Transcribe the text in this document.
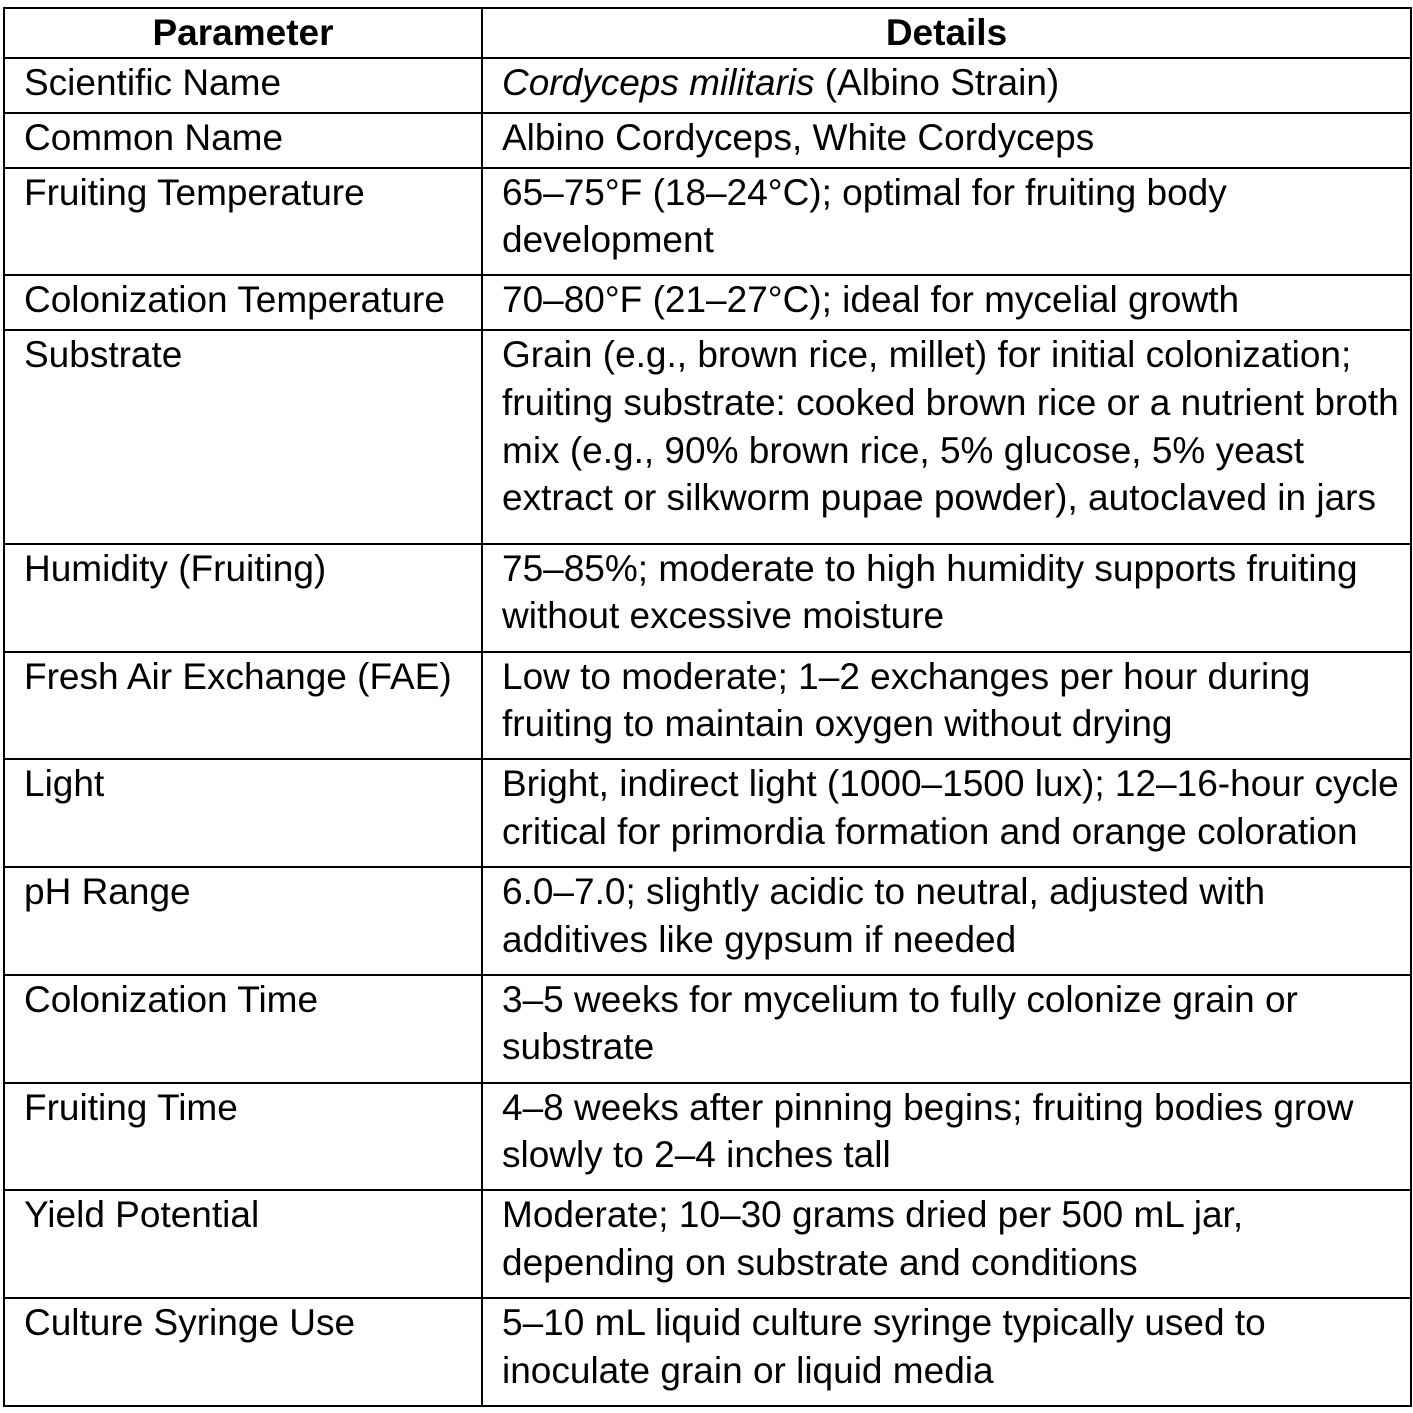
Parameter	Details
Scientific Name	Cordyceps militaris (Albino Strain)
Common Name	Albino Cordyceps, White Cordyceps
Fruiting Temperature	65–75°F (18–24°C); optimal for fruiting body development
Colonization Temperature	70–80°F (21–27°C); ideal for mycelial growth
Substrate	Grain (e.g., brown rice, millet) for initial colonization; fruiting substrate: cooked brown rice or a nutrient broth mix (e.g., 90% brown rice, 5% glucose, 5% yeast extract or silkworm pupae powder), autoclaved in jars
Humidity (Fruiting)	75–85%; moderate to high humidity supports fruiting without excessive moisture
Fresh Air Exchange (FAE)	Low to moderate; 1–2 exchanges per hour during fruiting to maintain oxygen without drying
Light	Bright, indirect light (1000–1500 lux); 12–16-hour cycle critical for primordia formation and orange coloration
pH Range	6.0–7.0; slightly acidic to neutral, adjusted with additives like gypsum if needed
Colonization Time	3–5 weeks for mycelium to fully colonize grain or substrate
Fruiting Time	4–8 weeks after pinning begins; fruiting bodies grow slowly to 2–4 inches tall
Yield Potential	Moderate; 10–30 grams dried per 500 mL jar, depending on substrate and conditions
Culture Syringe Use	5–10 mL liquid culture syringe typically used to inoculate grain or liquid media
